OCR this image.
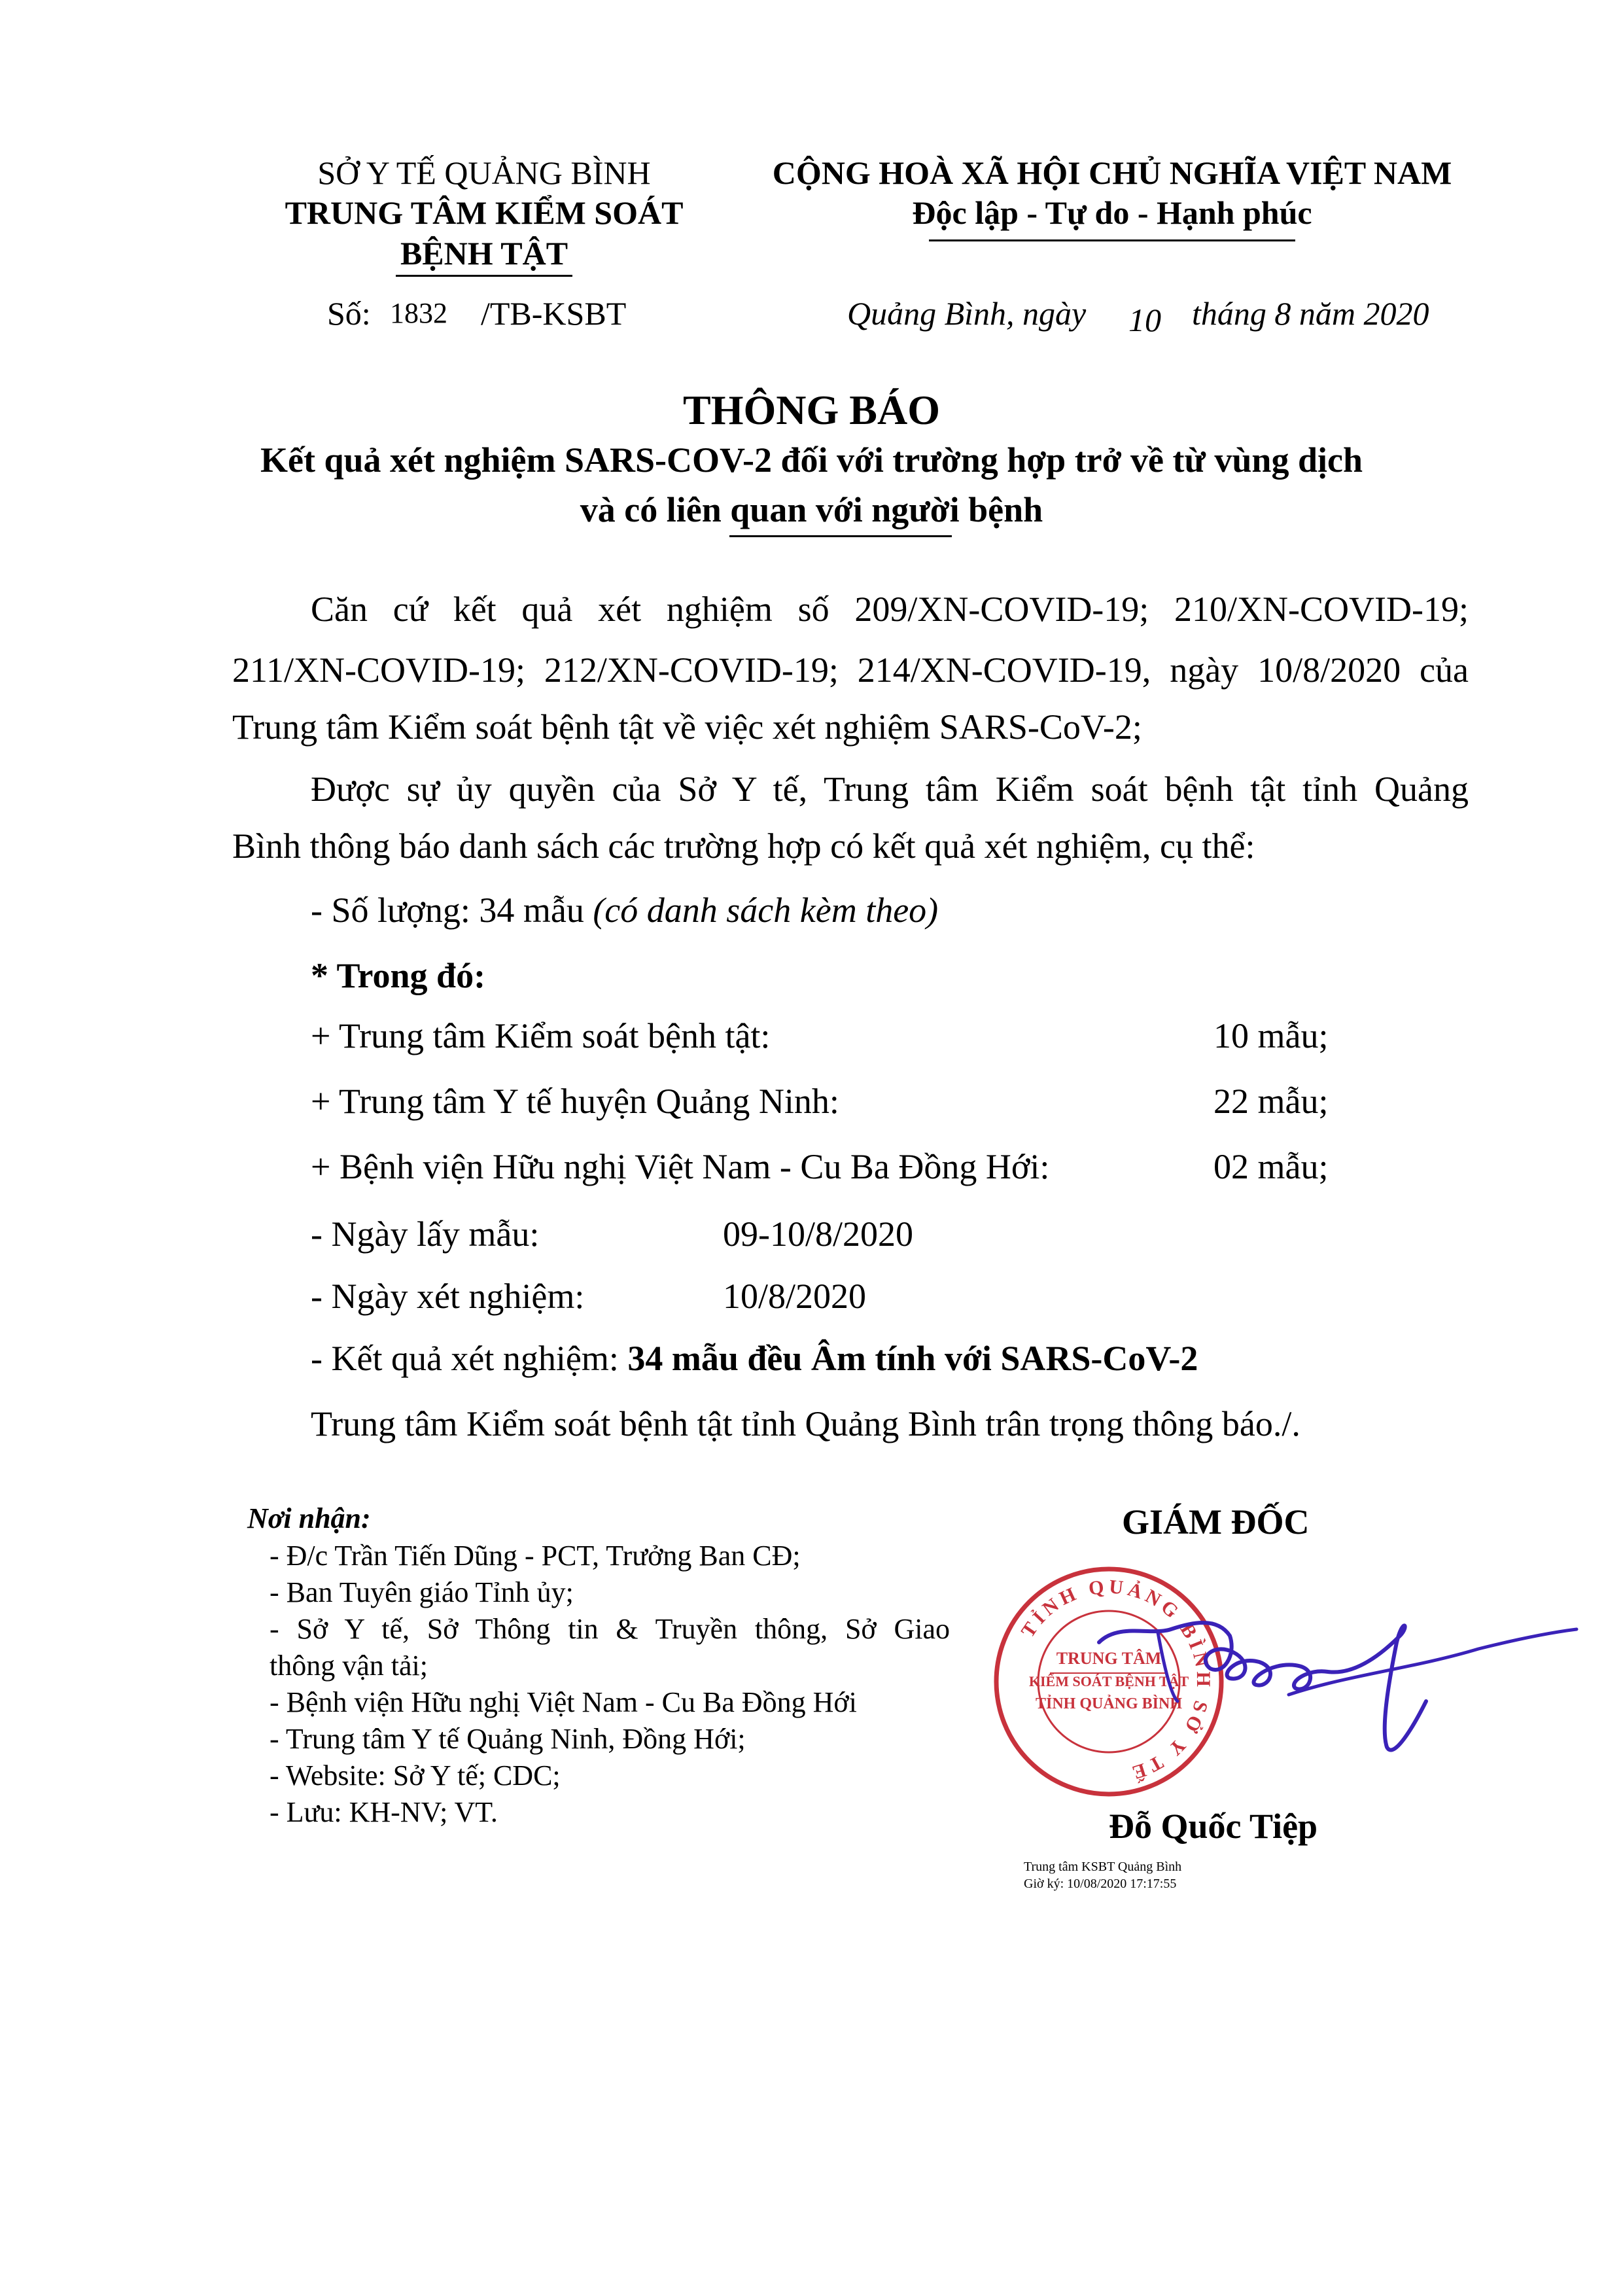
SỞ Y TẾ QUẢNG BÌNH
TRUNG TÂM KIỂM SOÁT
BỆNH TẬT
Số: 1832 /TB-KSBT
CỘNG HOÀ XÃ HỘI CHỦ NGHĨA VIỆT NAM
Độc lập - Tự do - Hạnh phúc
Quảng Bình, ngày 10 tháng 8 năm 2020
THÔNG BÁO
Kết quả xét nghiệm SARS-COV-2 đối với trường hợp trở về từ vùng dịch
và có liên quan với người bệnh
Căn cứ kết quả xét nghiệm số 209/XN-COVID-19; 210/XN-COVID-19;
211/XN-COVID-19; 212/XN-COVID-19; 214/XN-COVID-19, ngày 10/8/2020 của
Trung tâm Kiểm soát bệnh tật về việc xét nghiệm SARS-CoV-2;
Được sự ủy quyền của Sở Y tế, Trung tâm Kiểm soát bệnh tật tỉnh Quảng
Bình thông báo danh sách các trường hợp có kết quả xét nghiệm, cụ thể:
- Số lượng: 34 mẫu (có danh sách kèm theo)
* Trong đó:
+ Trung tâm Kiểm soát bệnh tật:	10 mẫu;
+ Trung tâm Y tế huyện Quảng Ninh:	22 mẫu;
+ Bệnh viện Hữu nghị Việt Nam - Cu Ba Đồng Hới:	02 mẫu;
- Ngày lấy mẫu:	09-10/8/2020
- Ngày xét nghiệm:	10/8/2020
- Kết quả xét nghiệm: 34 mẫu đều Âm tính với SARS-CoV-2
Trung tâm Kiểm soát bệnh tật tỉnh Quảng Bình trân trọng thông báo./.
Nơi nhận:
- Đ/c Trần Tiến Dũng - PCT, Trưởng Ban CĐ;
- Ban Tuyên giáo Tỉnh ủy;
- Sở Y tế, Sở Thông tin & Truyền thông, Sở Giao
thông vận tải;
- Bệnh viện Hữu nghị Việt Nam - Cu Ba Đồng Hới
- Trung tâm Y tế Quảng Ninh, Đồng Hới;
- Website: Sở Y tế; CDC;
- Lưu: KH-NV; VT.
GIÁM ĐỐC
TỈNH QUẢNG BÌNH SỞ Y TẾ
TRUNG TÂM
KIỂM SOÁT BỆNH TẬT
TỈNH QUẢNG BÌNH
Đỗ Quốc Tiệp
Trung tâm KSBT Quảng Bình
Giờ ký: 10/08/2020 17:17:55
